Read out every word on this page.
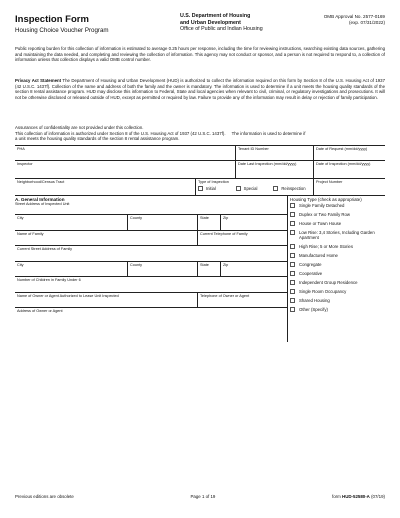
Inspection Form
Housing Choice Voucher Program
U.S. Department of Housing
and Urban Development
Office of Public and Indian Housing
OMB Approval No. 2577-0169
(exp. 07/31/2022)
Public reporting burden for this collection of information is estimated to average 0.25 hours per response, including the time for reviewing instructions, searching existing data sources, gathering and maintaining the data needed, and completing and reviewing the collection of information. This agency may not conduct or sponsor, and a person is not required to respond to, a collection of information unless that collection displays a valid OMB control number.
Privacy Act Statement The Department of Housing and Urban Development (HUD) is authorized to collect the information required on this form by Section 8 of the U.S. Housing Act of 1937 (42 U.S.C. 1437f). Collection of the name and address of both the family and the owner is mandatory. The information is used to determine if a unit meets the housing quality standards of the section 8 rental assistance program. HUD may disclose this information to Federal, State and local agencies when relevant to civil, criminal, or regulatory investigations and prosecutions. It will not be otherwise disclosed or released outside of HUD, except as permitted or required by law. Failure to provide any of the information may result in delay or rejection of family participation.
Assurances of confidentiality are not provided under this collection.
This collection of information is authorized under Section 8 of the U.S. Housing Act of 1937 (42 U.S.C. 1437f). The information is used to determine if
a unit meets the housing quality standards of the section 8 rental assistance program.
PHA	Tenant ID Number	Date of Request (mm/dd/yyyy)
Inspector	Date Last Inspection (mm/dd/yyyy)	Date of Inspection (mm/dd/yyyy)
Neighborhood/Census Tract	Type of Inspection
Initial	Special	Reinspection
Project Number
A. General Information
Street Address of Inspected Unit
City	County	State	Zip
Name of Family	Current Telephone of Family
Current Street Address of Family
City	County	State	Zip
Number of Children in Family Under 6
Name of Owner or Agent Authorized to Lease Unit Inspected	Telephone of Owner or Agent
Address of Owner or Agent
Housing Type (check as appropriate)
Single Family Detached
Duplex or Two Family Row
House or Town House
Low Rise: 3,4 Stories, Including Garden Apartment
High Rise; 5 or More Stories
Manufactured Home
Congregate
Cooperative
Independent Group Residence
Single Room Occupancy
Shared Housing
Other (Specify)
Previous editions are obsolete	Page 1 of 19	form HUD-52580-A (07/19)
